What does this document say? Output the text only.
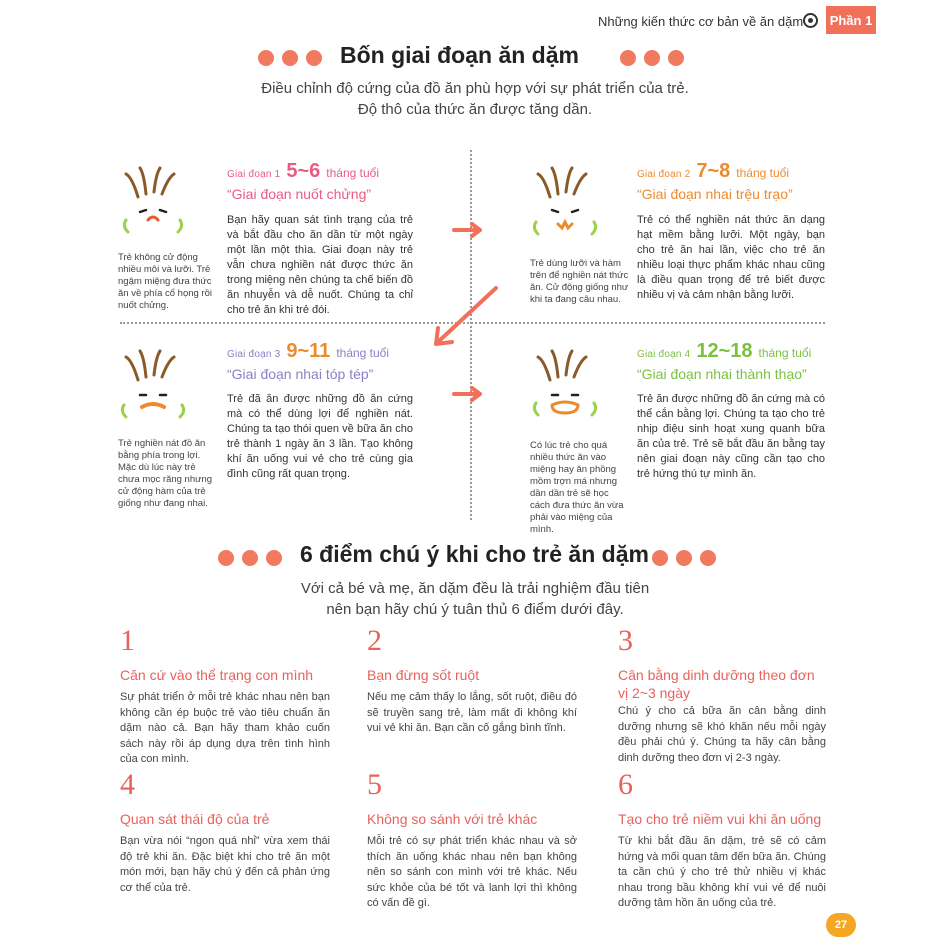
Những kiến thức cơ bản về ăn dặm Phần 1
Bốn giai đoạn ăn dặm
Điều chỉnh độ cứng của đồ ăn phù hợp với sự phát triển của trẻ.
Độ thô của thức ăn được tăng dần.
Trẻ không cử động nhiều môi và lưỡi. Trẻ ngậm miệng đưa thức ăn về phía cổ họng rồi nuốt chửng.
Giai đoạn 1 5~6 tháng tuổi
“Giai đoạn nuốt chửng”
Bạn hãy quan sát tình trạng của trẻ và bắt đầu cho ăn dần từ một ngày một lần một thìa. Giai đoạn này trẻ vẫn chưa nghiền nát được thức ăn trong miệng nên chúng ta chế biến đồ ăn nhuyễn và dễ nuốt. Chúng ta chỉ cho trẻ ăn khi trẻ đói.
Trẻ dùng lưỡi và hàm trên để nghiền nát thức ăn. Cử động giống như khi ta đang câu nhau.
Giai đoạn 2 7~8 tháng tuổi
“Giai đoạn nhai trệu trạo”
Trẻ có thể nghiền nát thức ăn dạng hạt mềm bằng lưỡi. Một ngày, bạn cho trẻ ăn hai lần, việc cho trẻ ăn nhiều loại thực phẩm khác nhau cũng là điều quan trọng để trẻ biết được nhiều vị và cảm nhận bằng lưỡi.
Trẻ nghiền nát đồ ăn bằng phía trong lợi. Mặc dù lúc này trẻ chưa mọc răng nhưng cử động hàm của trẻ giống như đang nhai.
Giai đoạn 3 9~11 tháng tuổi
“Giai đoạn nhai tóp tép”
Trẻ đã ăn được những đồ ăn cứng mà có thể dùng lợi để nghiền nát. Chúng ta tạo thói quen về bữa ăn cho trẻ thành 1 ngày ăn 3 lần. Tạo không khí ăn uống vui vẻ cho trẻ cùng gia đình cũng rất quan trọng.
Có lúc trẻ cho quá nhiều thức ăn vào miệng hay ăn phồng mồm trợn má nhưng dần dần trẻ sẽ học cách đưa thức ăn vừa phải vào miệng của mình.
Giai đoạn 4 12~18 tháng tuổi
“Giai đoạn nhai thành thạo”
Trẻ ăn được những đồ ăn cứng mà có thể cắn bằng lợi. Chúng ta tạo cho trẻ nhịp điệu sinh hoạt xung quanh bữa ăn của trẻ. Trẻ sẽ bắt đầu ăn bằng tay nên giai đoạn này cũng cần tạo cho trẻ hứng thú tự mình ăn.
6 điểm chú ý khi cho trẻ ăn dặm
Với cả bé và mẹ, ăn dặm đều là trải nghiệm đầu tiên
nên bạn hãy chú ý tuân thủ 6 điểm dưới đây.
1
Căn cứ vào thể trạng con mình
Sự phát triển ở mỗi trẻ khác nhau nên bạn không cần ép buộc trẻ vào tiêu chuẩn ăn dặm nào cả. Bạn hãy tham khảo cuốn sách này rồi áp dụng dựa trên tình hình của con mình.
2
Bạn đừng sốt ruột
Nếu mẹ cảm thấy lo lắng, sốt ruột, điều đó sẽ truyền sang trẻ, làm mất đi không khí vui vẻ khi ăn. Bạn cần cố gắng bình tĩnh.
3
Cân bằng dinh dưỡng theo đơn vị 2~3 ngày
Chú ý cho cả bữa ăn cân bằng dinh dưỡng nhưng sẽ khó khăn nếu mỗi ngày đều phải chú ý. Chúng ta hãy cân bằng dinh dưỡng theo đơn vị 2-3 ngày.
4
Quan sát thái độ của trẻ
Bạn vừa nói “ngon quá nhỉ” vừa xem thái độ trẻ khi ăn. Đặc biệt khi cho trẻ ăn một món mới, bạn hãy chú ý đến cả phản ứng cơ thể của trẻ.
5
Không so sánh với trẻ khác
Mỗi trẻ có sự phát triển khác nhau và sở thích ăn uống khác nhau nên bạn không nên so sánh con mình với trẻ khác. Nếu sức khỏe của bé tốt và lanh lợi thì không có vấn đề gì.
6
Tạo cho trẻ niềm vui khi ăn uống
Từ khi bắt đầu ăn dặm, trẻ sẽ có cảm hứng và mối quan tâm đến bữa ăn. Chúng ta cần chú ý cho trẻ thử nhiều vị khác nhau trong bầu không khí vui vẻ để nuôi dưỡng tâm hồn ăn uống của trẻ.
27
